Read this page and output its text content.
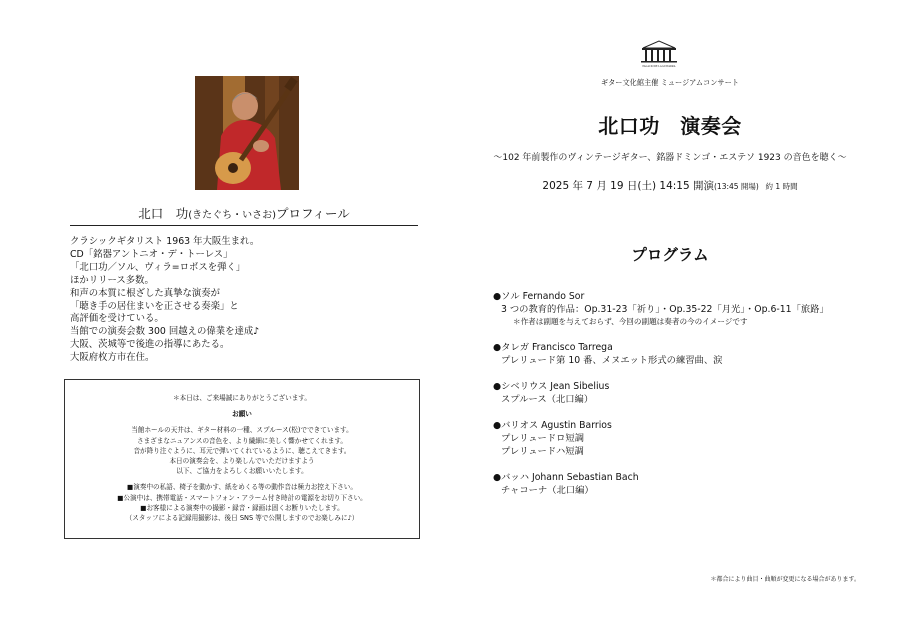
北口　功(きたぐち・いさお)プロフィール
クラシックギタリスト 1963 年大阪生まれ。
CD「銘器アントニオ・デ・トーレス」
「北口功／ソル、ヴィラ=ロボスを弾く」
ほかリリース多数。
和声の本質に根ざした真摯な演奏が
「聴き手の居住まいを正させる奏楽」と
高評価を受けている。
当館での演奏会数 300 回越えの偉業を達成♪
大阪、茨城等で後進の指導にあたる。
大阪府枚方市在住。
＊本日は、ご来場誠にありがとうございます。
お願い
当館ホールの天井は、ギター材料の一種、スプルース(松)でできています。
さまざまなニュアンスの音色を、より繊細に美しく響かせてくれます。
音が降り注ぐように、耳元で弾いてくれているように、聴こえてきます。
本日の演奏会を、より楽しんでいただけますよう
以下、ご協力をよろしくお願いいたします。
■演奏中の私語、椅子を動かす、紙をめくる等の動作音は極力お控え下さい。
■公演中は、携帯電話・スマートフォン・アラーム付き時計の電源をお切り下さい。
■お客様による演奏中の撮影・録音・録画は固くお断りいたします。
（スタッフによる記録用撮影は、後日 SNS 等で公開しますのでお楽しみに♪）
PALACIO DE LA GUITARRA
ギター文化館主催 ミュージアムコンサート
北口功　演奏会
～102 年前製作のヴィンテージギター、銘器ドミンゴ・エステソ 1923 の音色を聴く～
2025 年 7 月 19 日(土) 14:15 開演(13:45 開場) 約 1 時間
プログラム
●ソル Fernando Sor
3 つの教育的作品：Op.31-23「祈り」・Op.35-22「月光」・Op.6-11「旅路」
＊作者は副題を与えておらず、今回の副題は奏者の今のイメージです
●タレガ Francisco Tarrega
プレリュード第 10 番、メヌエット形式の練習曲、涙
●シベリウス Jean Sibelius
スプルース（北口編）
●バリオス Agustin Barrios
プレリュードロ短調
プレリュードハ短調
●バッハ Johann Sebastian Bach
チャコーナ（北口編）
＊都合により曲目・曲順が変更になる場合があります。
